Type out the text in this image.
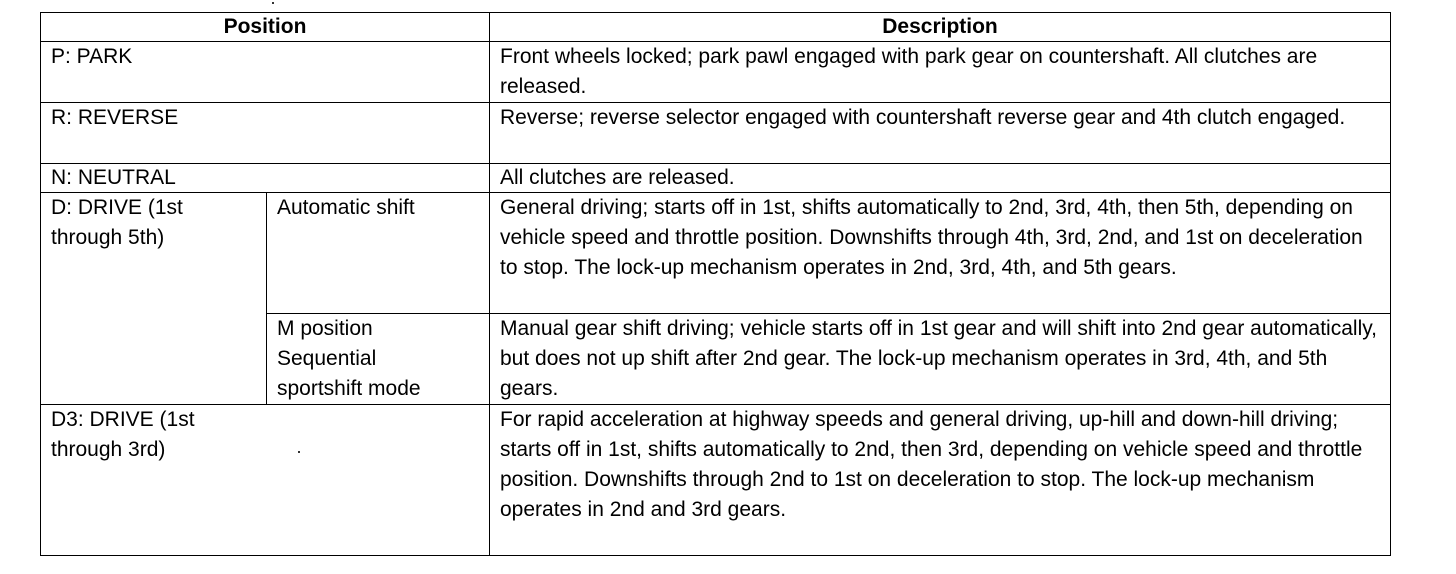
Position		Description
P: PARK		Front wheels locked; park pawl engaged with park gear on countershaft. All clutches are released.
R: REVERSE		Reverse; reverse selector engaged with countershaft reverse gear and 4th clutch engaged.
N: NEUTRAL		All clutches are released.
D: DRIVE (1st through 5th)	Automatic shift	General driving; starts off in 1st, shifts automatically to 2nd, 3rd, 4th, then 5th, depending on vehicle speed and throttle position. Downshifts through 4th, 3rd, 2nd, and 1st on deceleration to stop. The lock-up mechanism operates in 2nd, 3rd, 4th, and 5th gears.
	M position Sequential sportshift mode	Manual gear shift driving; vehicle starts off in 1st gear and will shift into 2nd gear automatically, but does not up shift after 2nd gear. The lock-up mechanism operates in 3rd, 4th, and 5th gears.
D3: DRIVE (1st through 3rd)		For rapid acceleration at highway speeds and general driving, up-hill and down-hill driving; starts off in 1st, shifts automatically to 2nd, then 3rd, depending on vehicle speed and throttle position. Downshifts through 2nd to 1st on deceleration to stop. The lock-up mechanism operates in 2nd and 3rd gears.
